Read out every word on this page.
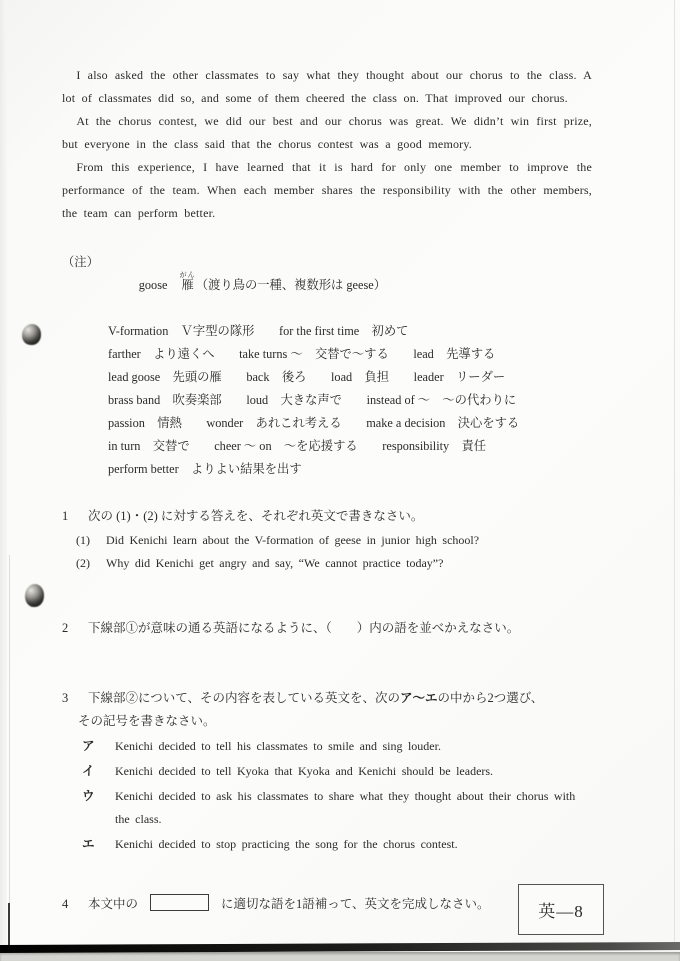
I also asked the other classmates to say what they thought about our chorus to the class. A lot of classmates did so, and some of them cheered the class on. That improved our chorus.

At the chorus contest, we did our best and our chorus was great. We didn’t win first prize, but everyone in the class said that the chorus contest was a good memory.

From this experience, I have learned that it is hard for only one member to improve the performance of the team. When each member shares the responsibility with the other members, the team can perform better.

（注）

goose 雁がん（渡り鳥の一種、複数形は geese）

V-formation　Ｖ字型の隊形　　for the first time　初めて
farther　より遠くへ　　take turns ～　交替で～する　　lead　先導する
lead goose　先頭の雁　　back　後ろ　　load　負担　　leader　リーダー
brass band　吹奏楽部　　loud　大きな声で　　instead of ～　～の代わりに
passion　情熱　　wonder　あれこれ考える　　make a decision　決心をする
in turn　交替で　　cheer ～ on　～を応援する　　responsibility　責任
perform better　よりよい結果を出す
1	次の (1)・(2) に対する答えを、それぞれ英文で書きなさい。
(1)	Did Kenichi learn about the V-formation of geese in junior high school?
(2)	Why did Kenichi get angry and say, “We cannot practice today”?
2	下線部①が意味の通る英語になるように、（　　）内の語を並べかえなさい。
3	下線部②について、その内容を表している英文を、次のア～エの中から2つ選び、
その記号を書きなさい。
ア	Kenichi decided to tell his classmates to smile and sing louder.
イ	Kenichi decided to tell Kyoka that Kyoka and Kenichi should be leaders.
ウ	Kenichi decided to ask his classmates to share what they thought about their chorus with the class.
エ	Kenichi decided to stop practicing the song for the chorus contest.
4	本文中の	に適切な語を1語補って、英文を完成しなさい。	英―8
